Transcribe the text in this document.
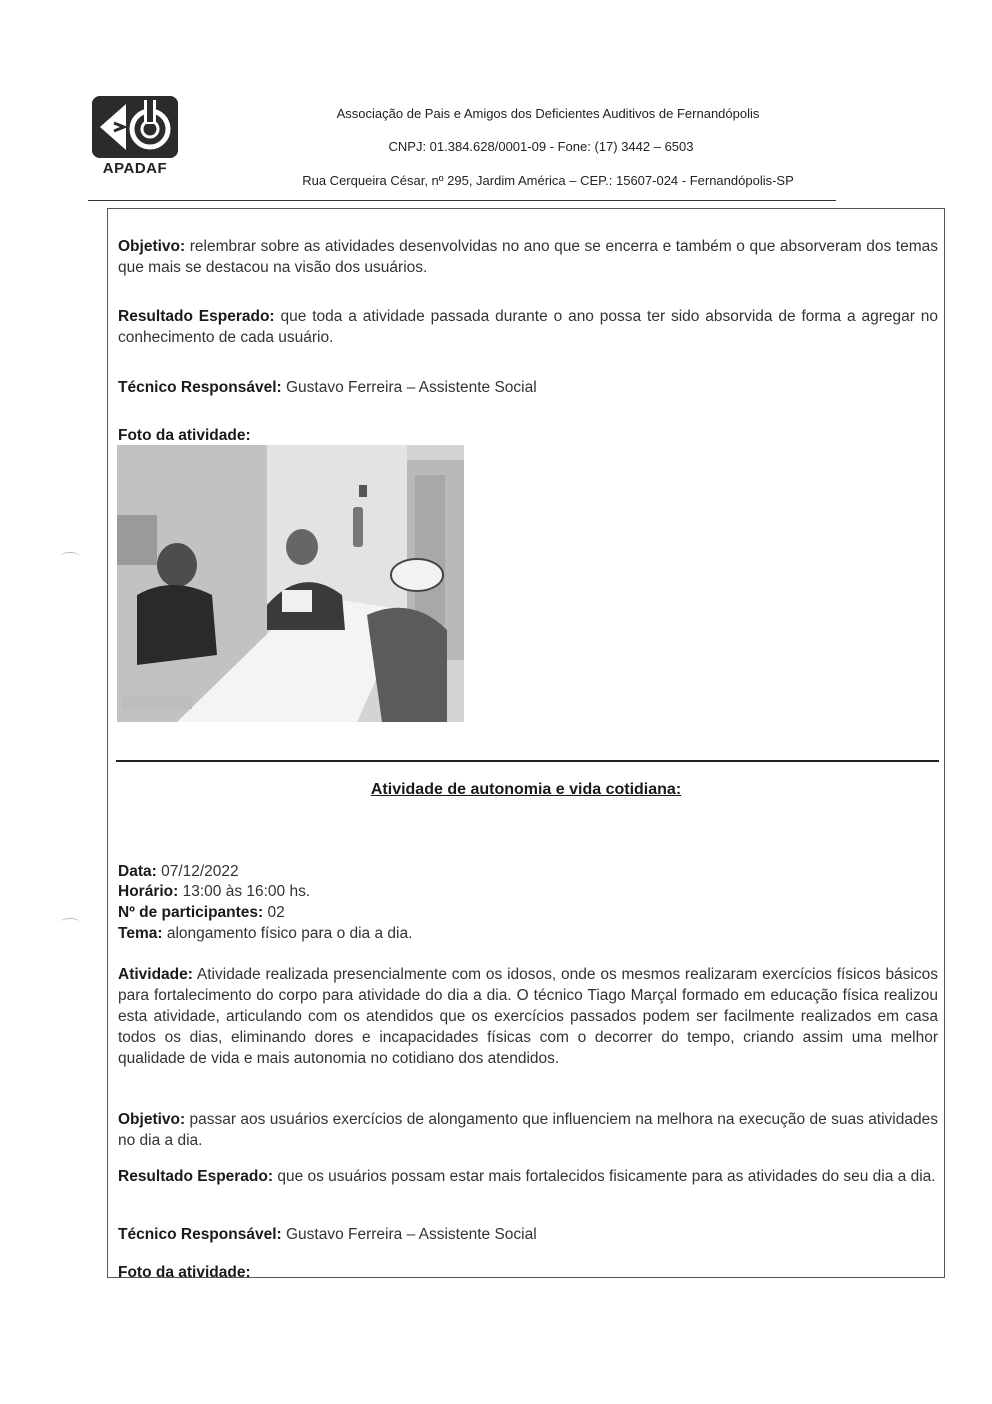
APADAF
Associação de Pais e Amigos dos Deficientes Auditivos de Fernandópolis
CNPJ: 01.384.628/0001-09 - Fone: (17) 3442 – 6503
Rua Cerqueira César, nº 295, Jardim América – CEP.: 15607-024 - Fernandópolis-SP
Objetivo: relembrar sobre as atividades desenvolvidas no ano que se encerra e também o que absorveram dos temas que mais se destacou na visão dos usuários.
Resultado Esperado: que toda a atividade passada durante o ano possa ter sido absorvida de forma a agregar no conhecimento de cada usuário.
Técnico Responsável: Gustavo Ferreira – Assistente Social
Foto da atividade:
Atividade de autonomia e vida cotidiana:
Data: 07/12/2022
Horário: 13:00 às 16:00 hs.
Nº de participantes: 02
Tema: alongamento físico para o dia a dia.
Atividade: Atividade realizada presencialmente com os idosos, onde os mesmos realizaram exercícios físicos básicos para fortalecimento do corpo para atividade do dia a dia. O técnico Tiago Marçal formado em educação física realizou esta atividade, articulando com os atendidos que os exercícios passados podem ser facilmente realizados em casa todos os dias, eliminando dores e incapacidades físicas com o decorrer do tempo, criando assim uma melhor qualidade de vida e mais autonomia no cotidiano dos atendidos.
Objetivo: passar aos usuários exercícios de alongamento que influenciem na melhora na execução de suas atividades no dia a dia.
Resultado Esperado: que os usuários possam estar mais fortalecidos fisicamente para as atividades do seu dia a dia.
Técnico Responsável: Gustavo Ferreira – Assistente Social
Foto da atividade:
